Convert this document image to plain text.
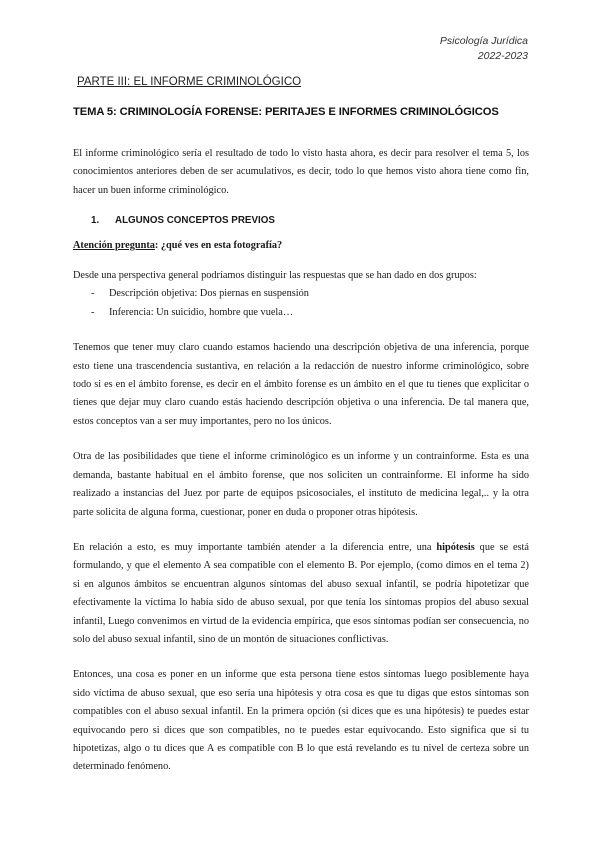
Psicología Jurídica
2022-2023
PARTE III: EL INFORME CRIMINOLÓGICO
TEMA 5: CRIMINOLOGÍA FORENSE: PERITAJES E INFORMES CRIMINOLÓGICOS

El informe criminológico sería el resultado de todo lo visto hasta ahora, es decir para resolver el tema 5, los conocimientos anteriores deben de ser acumulativos, es decir, todo lo que hemos visto ahora tiene como fin, hacer un buen informe criminológico.

1. ALGUNOS CONCEPTOS PREVIOS

Atención pregunta: ¿qué ves en esta fotografía?

Desde una perspectiva general podríamos distinguir las respuestas que se han dado en dos grupos:

- Descripción objetiva: Dos piernas en suspensión
- Inferencia: Un suicidio, hombre que vuela…

Tenemos que tener muy claro cuando estamos haciendo una descripción objetiva de una inferencia, porque esto tiene una trascendencia sustantiva, en relación a la redacción de nuestro informe criminológico, sobre todo si es en el ámbito forense, es decir en el ámbito forense es un ámbito en el que tu tienes que explicitar o tienes que dejar muy claro cuando estás haciendo descripción objetiva o una inferencia. De tal manera que, estos conceptos van a ser muy importantes, pero no los únicos.

Otra de las posibilidades que tiene el informe criminológico es un informe y un contrainforme. Esta es una demanda, bastante habitual en el ámbito forense, que nos soliciten un contrainforme. El informe ha sido realizado a instancias del Juez por parte de equipos psicosociales, el instituto de medicina legal,.. y la otra parte solicita de alguna forma, cuestionar, poner en duda o proponer otras hipótesis.

En relación a esto, es muy importante también atender a la diferencia entre, una hipótesis que se está formulando, y que el elemento A sea compatible con el elemento B. Por ejemplo, (como dimos en el tema 2) si en algunos ámbitos se encuentran algunos síntomas del abuso sexual infantil, se podría hipotetizar que efectivamente la víctima lo había sido de abuso sexual, por que tenía los síntomas propios del abuso sexual infantil, Luego convenimos en virtud de la evidencia empírica, que esos síntomas podían ser consecuencia, no solo del abuso sexual infantil, sino de un montón de situaciones conflictivas.

Entonces, una cosa es poner en un informe que esta persona tiene estos síntomas luego posiblemente haya sido víctima de abuso sexual, que eso sería una hipótesis y otra cosa es que tu digas que estos síntomas son compatibles con el abuso sexual infantil. En la primera opción (si dices que es una hipótesis) te puedes estar equivocando pero si dices que son compatibles, no te puedes estar equivocando. Esto significa que si tu hipotetizas, algo o tu dices que A es compatible con B lo que está revelando es tu nivel de certeza sobre un determinado fenómeno.
